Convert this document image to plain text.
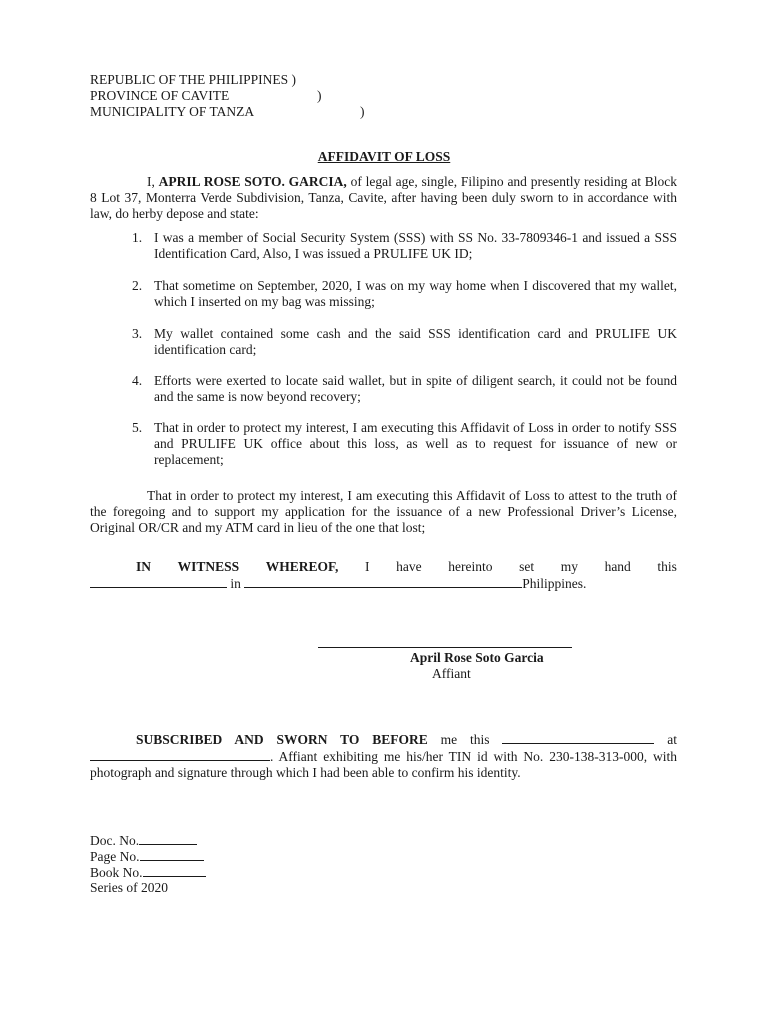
REPUBLIC OF THE PHILIPPINES )
PROVINCE OF CAVITE	)
MUNICIPALITY OF TANZA	)
AFFIDAVIT OF LOSS
I, APRIL ROSE SOTO. GARCIA, of legal age, single, Filipino and presently residing at Block 8 Lot 37, Monterra Verde Subdivision, Tanza, Cavite, after having been duly sworn to in accordance with law, do herby depose and state:
1. I was a member of Social Security System (SSS) with SS No. 33-7809346-1 and issued a SSS Identification Card, Also, I was issued a PRULIFE UK ID;
2. That sometime on September, 2020, I was on my way home when I discovered that my wallet, which I inserted on my bag was missing;
3. My wallet contained some cash and the said SSS identification card and PRULIFE UK identification card;
4. Efforts were exerted to locate said wallet, but in spite of diligent search, it could not be found and the same is now beyond recovery;
5. That in order to protect my interest, I am executing this Affidavit of Loss in order to notify SSS and PRULIFE UK office about this loss, as well as to request for issuance of new or replacement;
That in order to protect my interest, I am executing this Affidavit of Loss to attest to the truth of the foregoing and to support my application for the issuance of a new Professional Driver’s License, Original OR/CR and my ATM card in lieu of the one that lost;
IN WITNESS WHEREOF, I have hereinto set my hand this
in	Philippines.
April Rose Soto Garcia
Affiant
SUBSCRIBED AND SWORN TO BEFORE me this	at . Affiant exhibiting me his/her TIN id with No. 230-138-313-000, with photograph and signature through which I had been able to confirm his identity.
Doc. No.
Page No.
Book No.
Series of 2020
